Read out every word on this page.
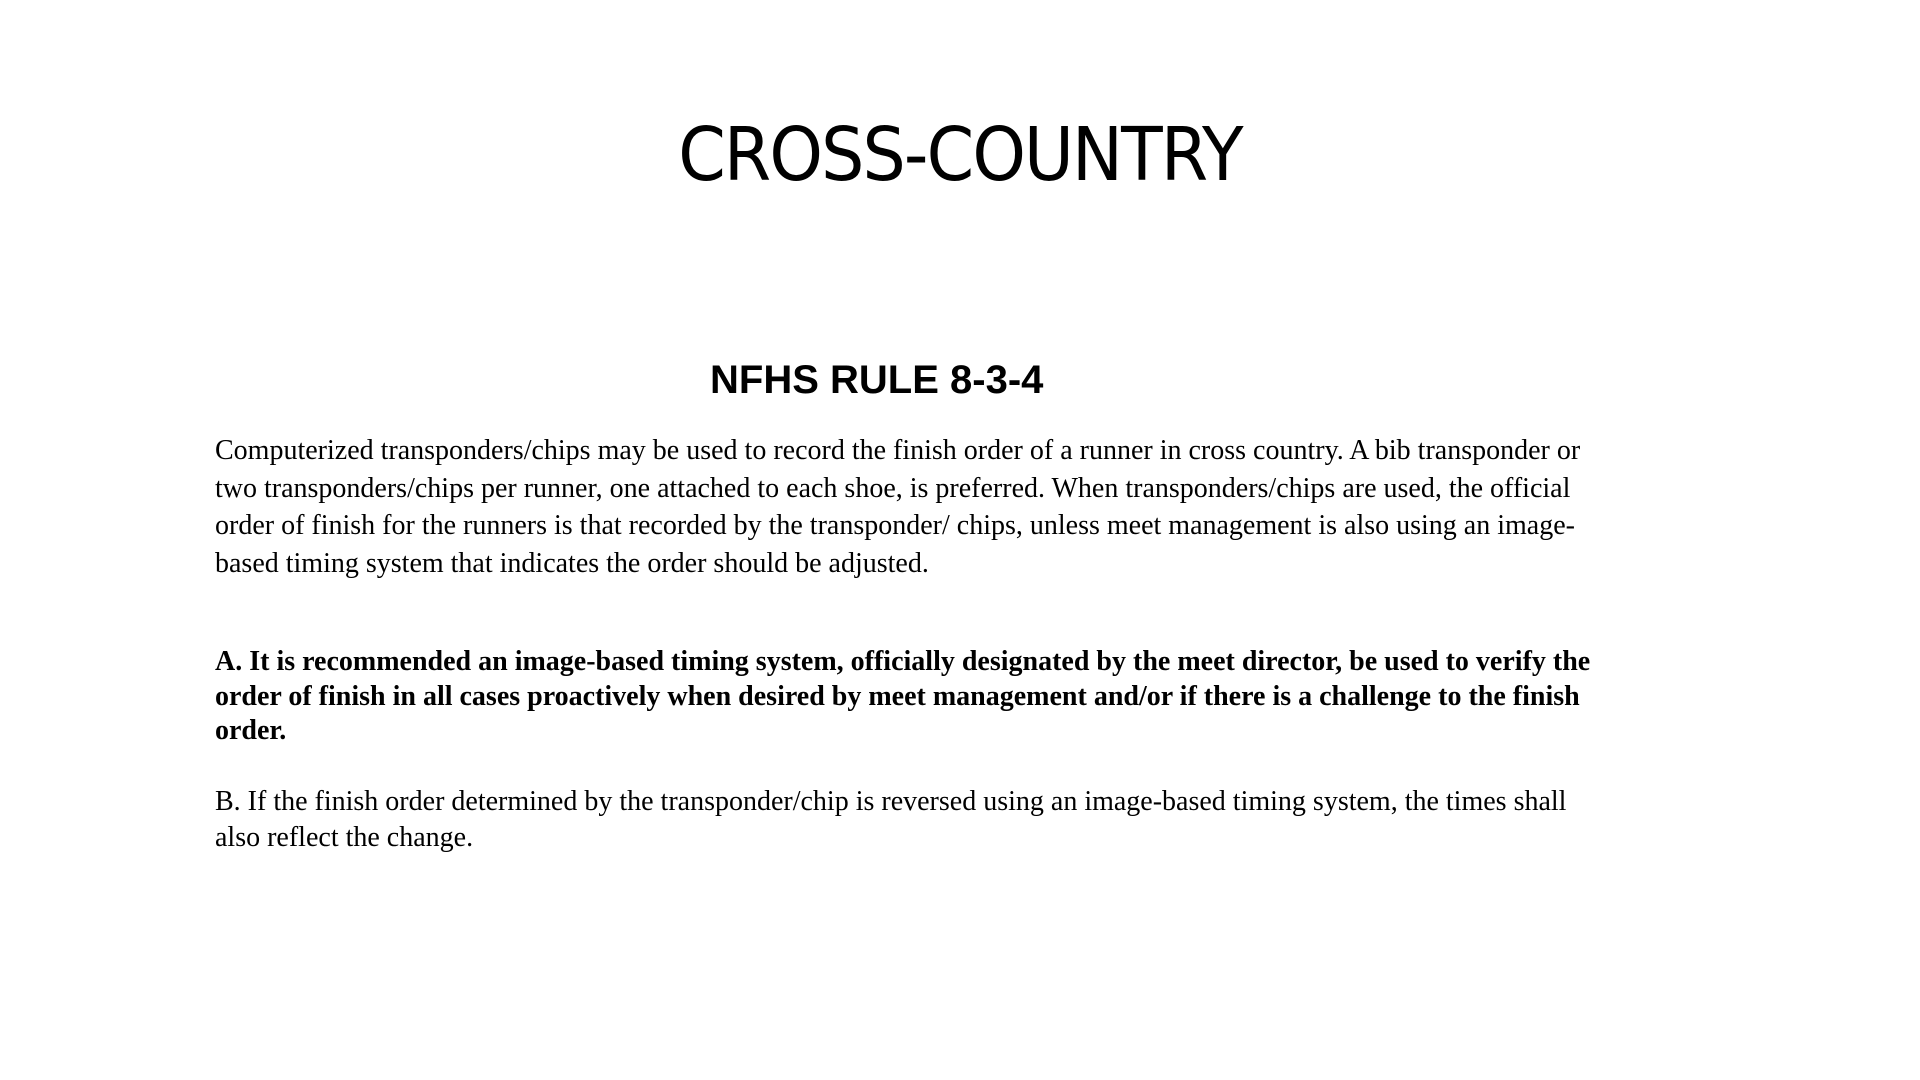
CROSS-COUNTRY
NFHS RULE 8-3-4

Computerized transponders/chips may be used to record the finish order of a runner in cross country. A bib transponder or two transponders/chips per runner, one attached to each shoe, is preferred. When transponders/chips are used, the official order of finish for the runners is that recorded by the transponder/ chips, unless meet management is also using an image-based timing system that indicates the order should be adjusted.

A. It is recommended an image-based timing system, officially designated by the meet director, be used to verify the order of finish in all cases proactively when desired by meet management and/or if there is a challenge to the finish order.

B. If the finish order determined by the transponder/chip is reversed using an image-based timing system, the times shall also reflect the change.
